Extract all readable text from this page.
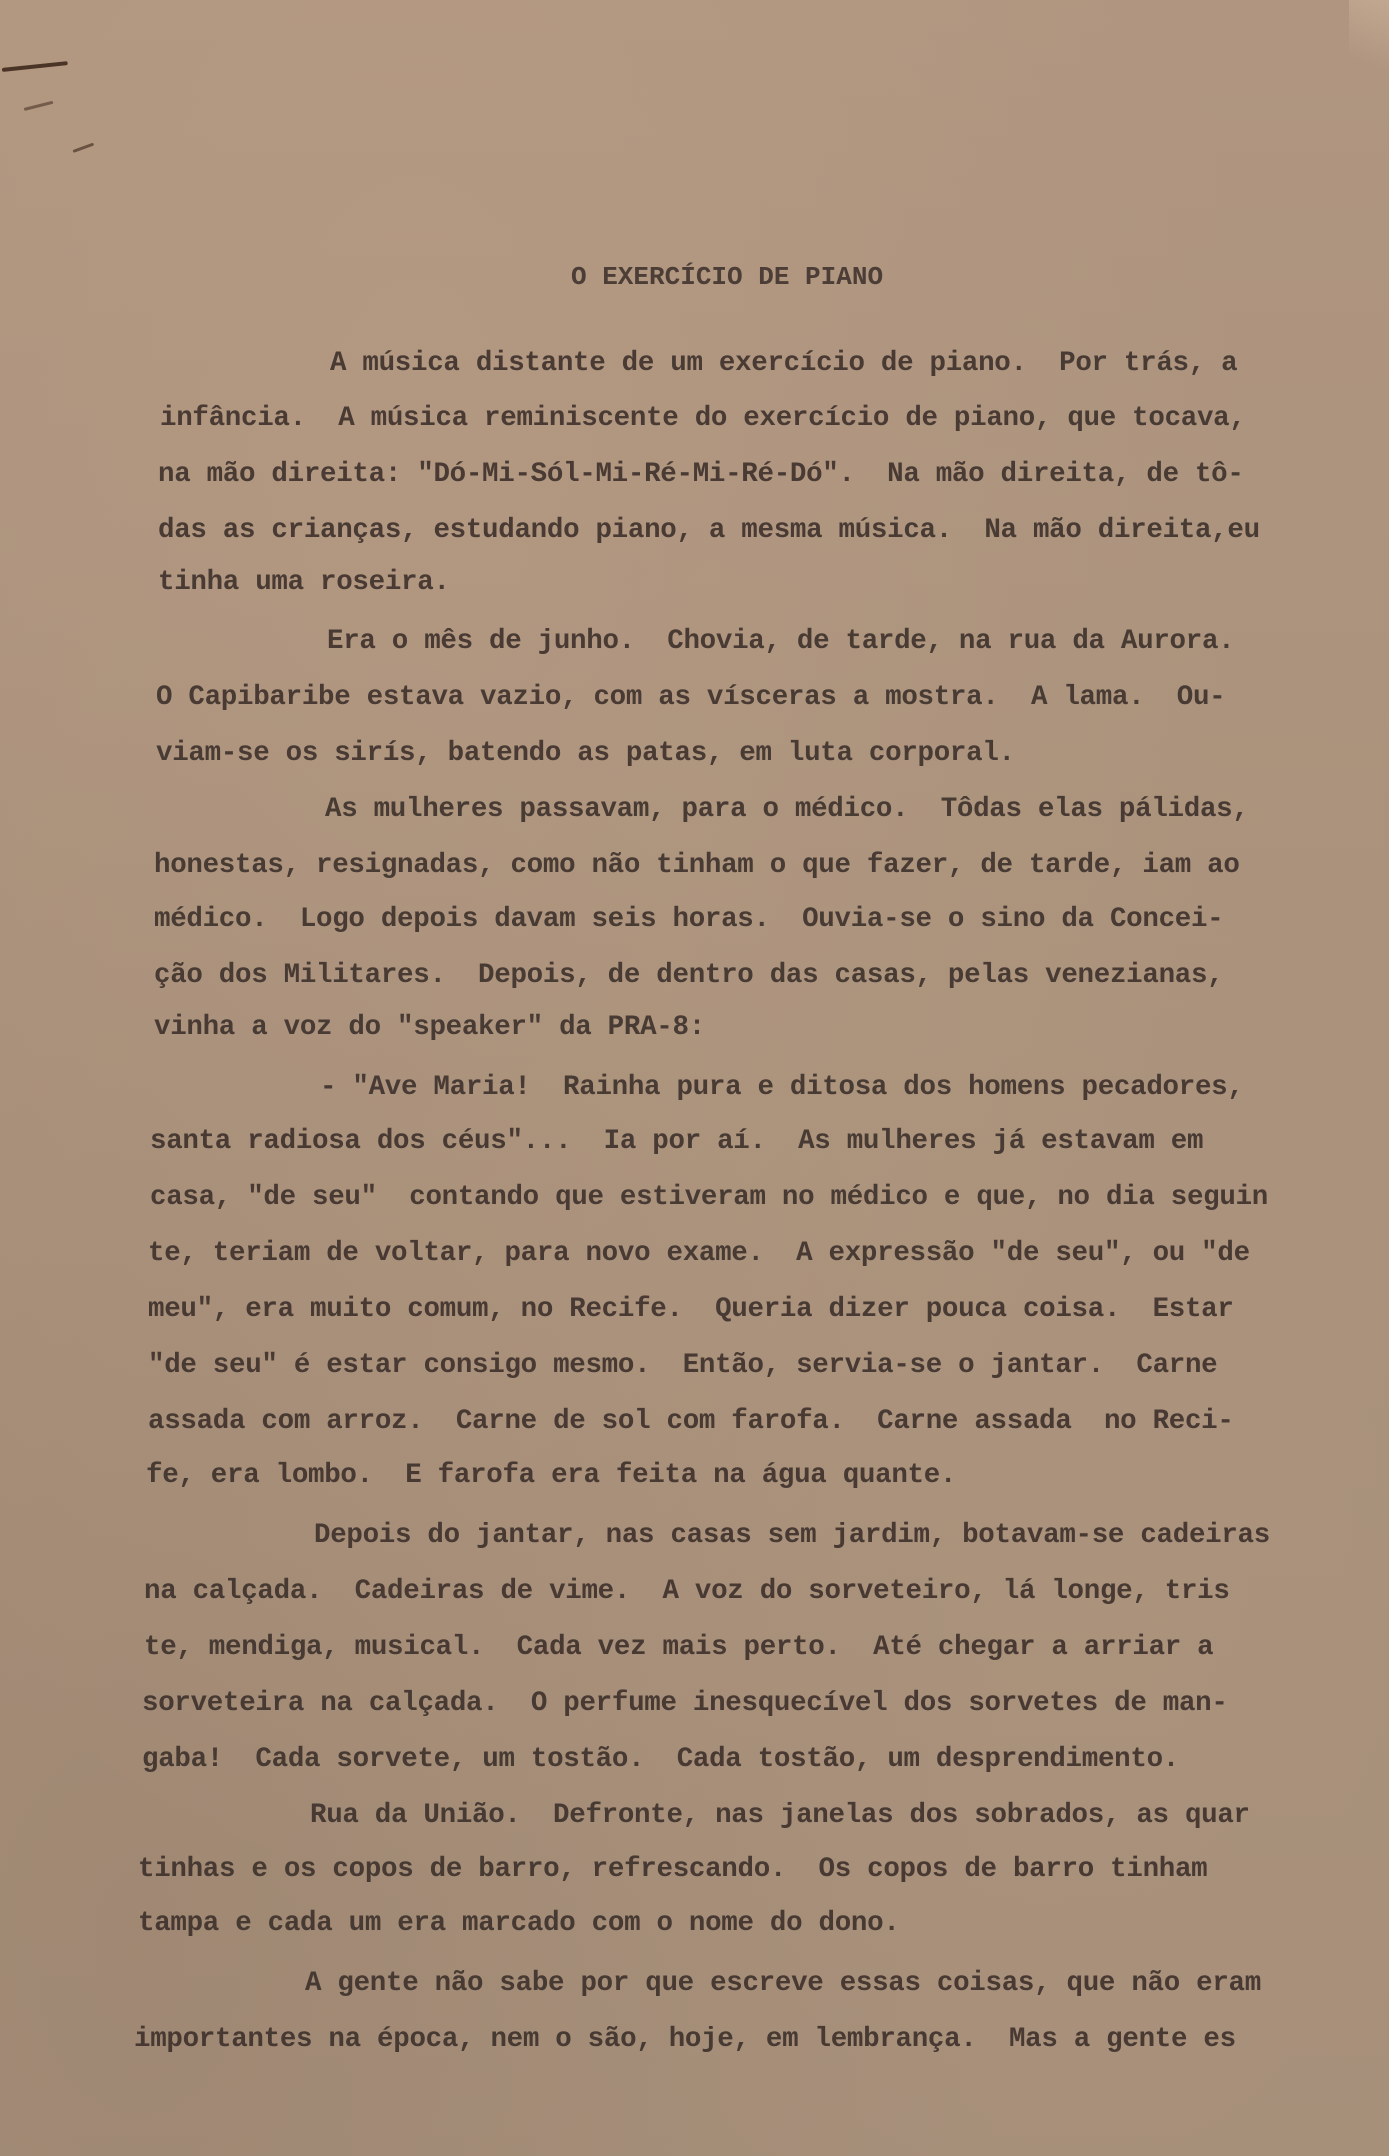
O EXERCÍCIO DE PIANO
A música distante de um exercício de piano.  Por trás, a
infância.  A música reminiscente do exercício de piano, que tocava,
na mão direita: "Dó-Mi-Sól-Mi-Ré-Mi-Ré-Dó".  Na mão direita, de tô-
das as crianças, estudando piano, a mesma música.  Na mão direita,eu
tinha uma roseira.
Era o mês de junho.  Chovia, de tarde, na rua da Aurora.
O Capibaribe estava vazio, com as vísceras a mostra.  A lama.  Ou-
viam-se os sirís, batendo as patas, em luta corporal.
As mulheres passavam, para o médico.  Tôdas elas pálidas,
honestas, resignadas, como não tinham o que fazer, de tarde, iam ao
médico.  Logo depois davam seis horas.  Ouvia-se o sino da Concei-
ção dos Militares.  Depois, de dentro das casas, pelas venezianas,
vinha a voz do "speaker" da PRA-8:
- "Ave Maria!  Rainha pura e ditosa dos homens pecadores,
santa radiosa dos céus"...  Ia por aí.  As mulheres já estavam em
casa, "de seu"  contando que estiveram no médico e que, no dia seguin
te, teriam de voltar, para novo exame.  A expressão "de seu", ou "de
meu", era muito comum, no Recife.  Queria dizer pouca coisa.  Estar
"de seu" é estar consigo mesmo.  Então, servia-se o jantar.  Carne
assada com arroz.  Carne de sol com farofa.  Carne assada  no Reci-
fe, era lombo.  E farofa era feita na água quante.
Depois do jantar, nas casas sem jardim, botavam-se cadeiras
na calçada.  Cadeiras de vime.  A voz do sorveteiro, lá longe, tris
te, mendiga, musical.  Cada vez mais perto.  Até chegar a arriar a
sorveteira na calçada.  O perfume inesquecível dos sorvetes de man-
gaba!  Cada sorvete, um tostão.  Cada tostão, um desprendimento.
Rua da União.  Defronte, nas janelas dos sobrados, as quar
tinhas e os copos de barro, refrescando.  Os copos de barro tinham
tampa e cada um era marcado com o nome do dono.
A gente não sabe por que escreve essas coisas, que não eram
importantes na época, nem o são, hoje, em lembrança.  Mas a gente es
